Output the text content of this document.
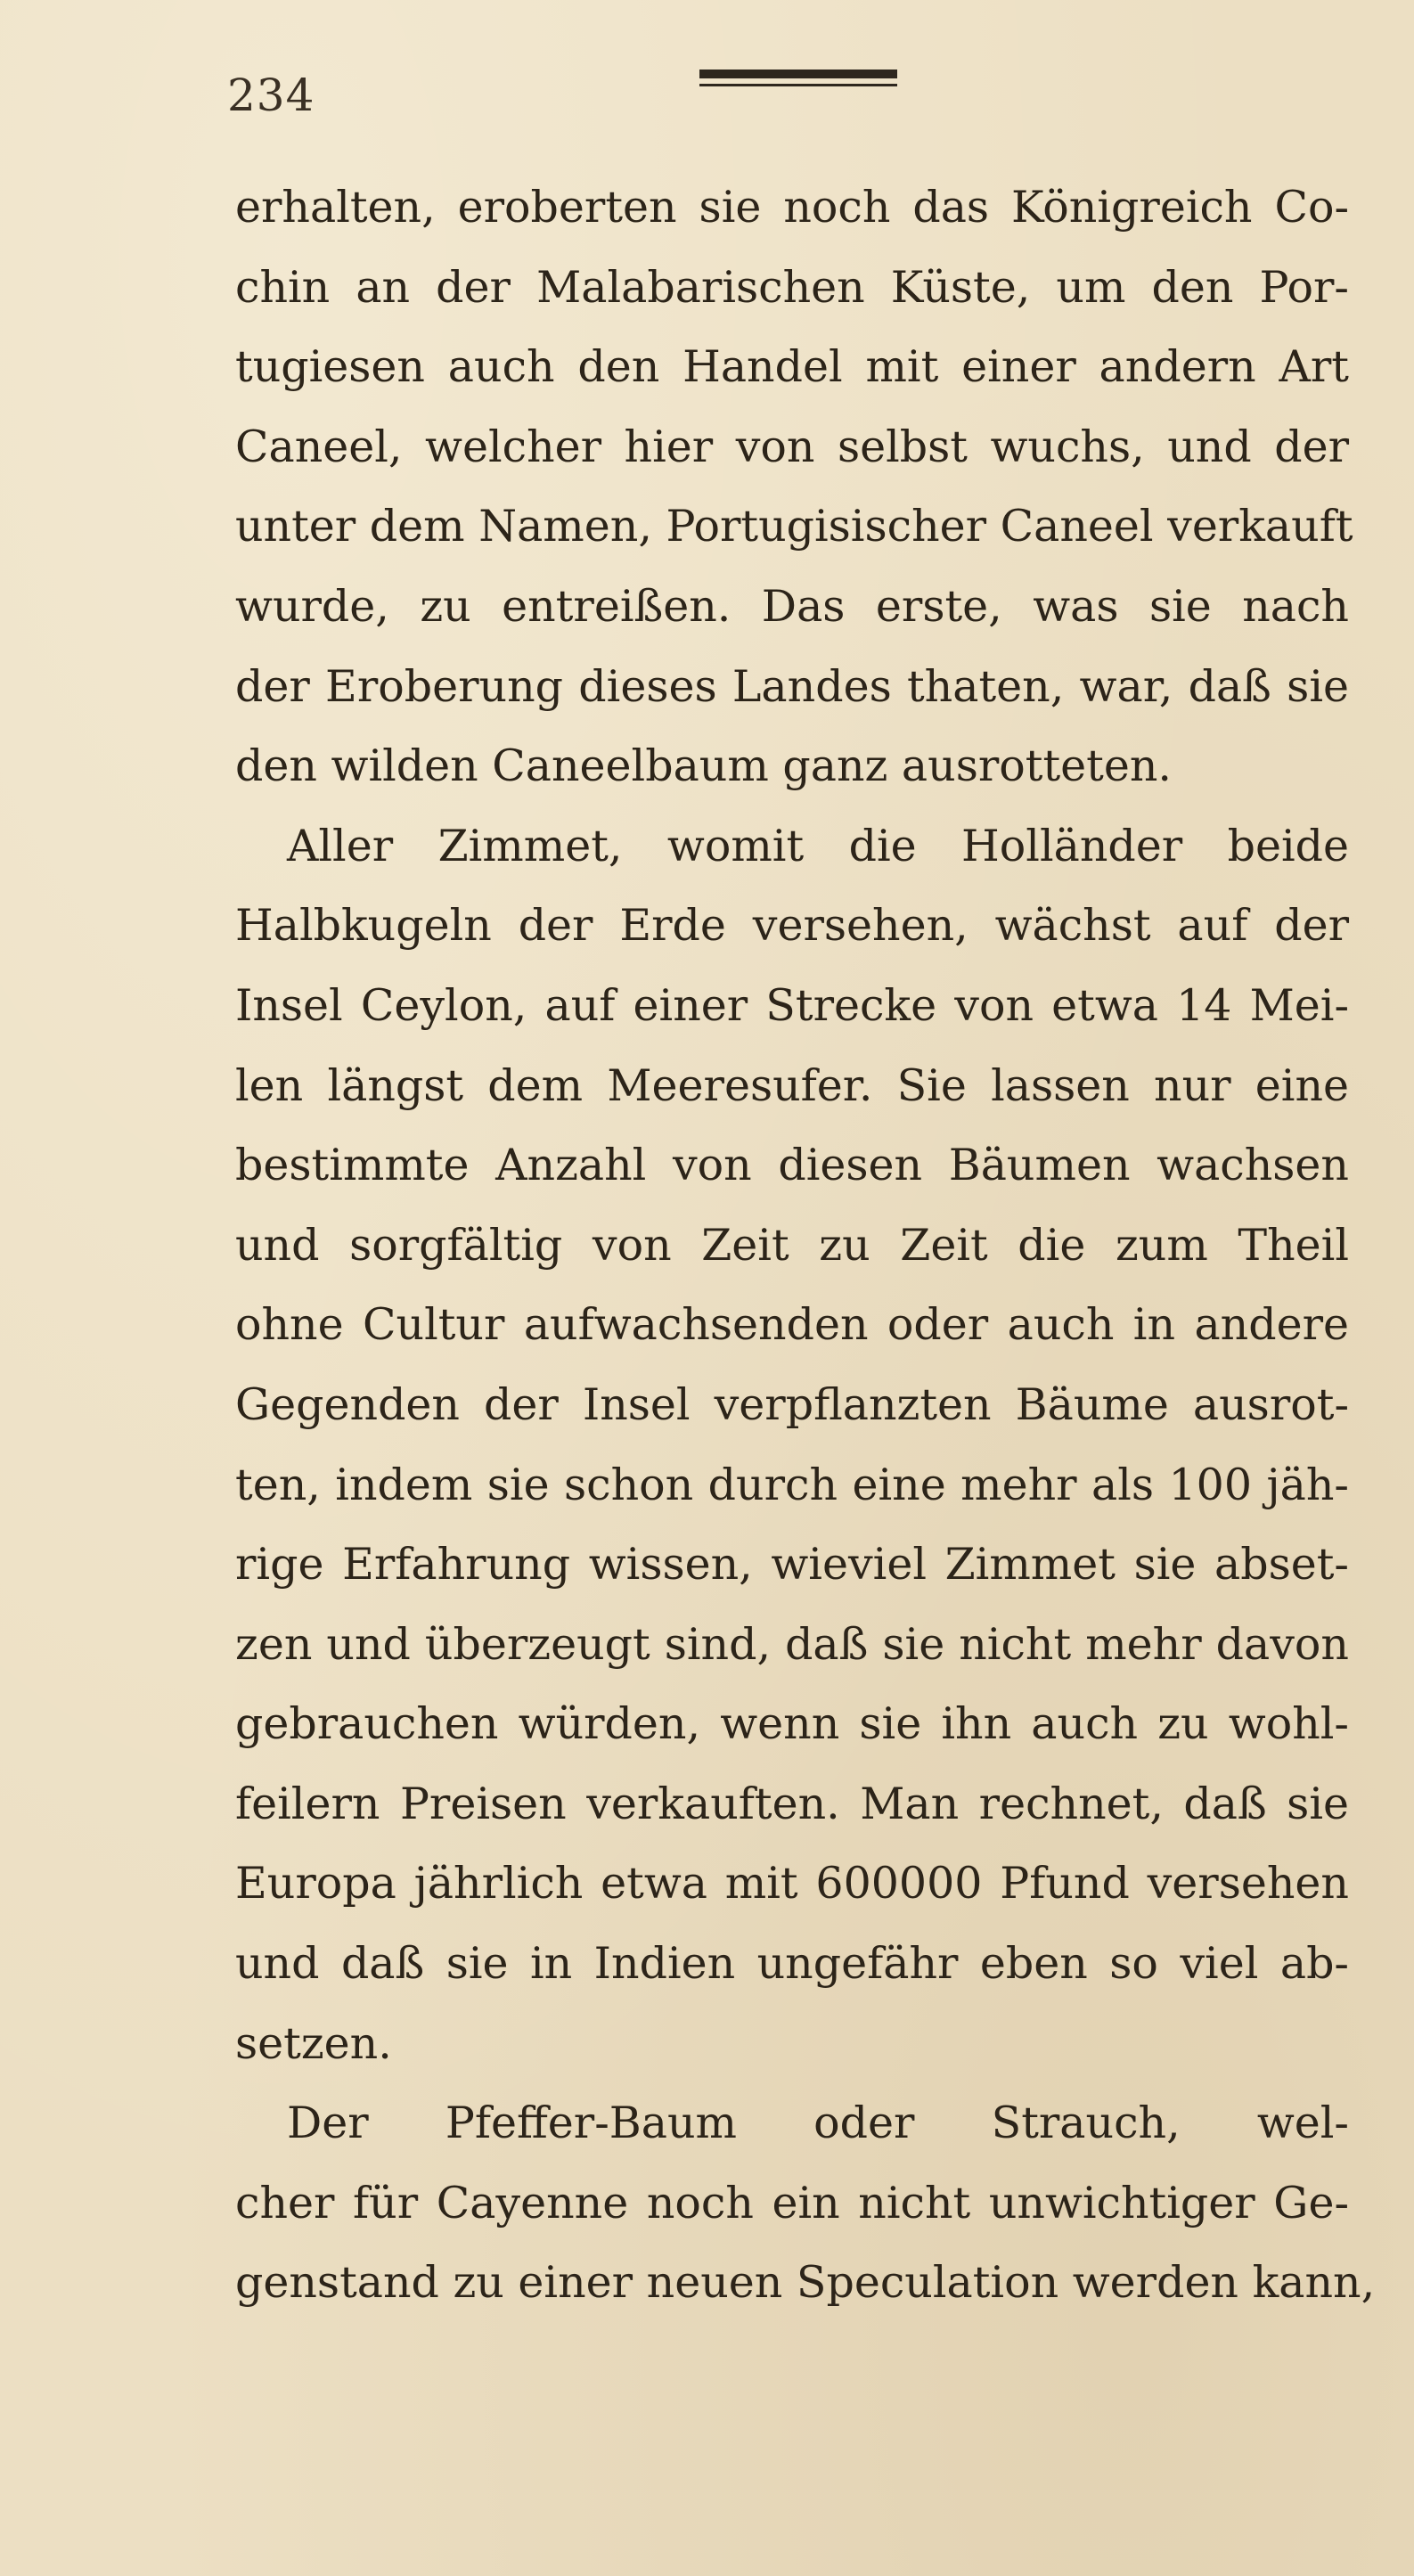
234
erhalten, eroberten sie noch das Königreich Co-
chin an der Malabarischen Küste, um den Por-
tugiesen auch den Handel mit einer andern Art
Caneel, welcher hier von selbst wuchs, und der
unter dem Namen, Portugisischer Caneel verkauft
wurde, zu entreißen. Das erste, was sie nach
der Eroberung dieses Landes thaten, war, daß sie
den wilden Caneelbaum ganz ausrotteten.
Aller Zimmet, womit die Holländer beide
Halbkugeln der Erde versehen, wächst auf der
Insel Ceylon, auf einer Strecke von etwa 14 Mei-
len längst dem Meeresufer. Sie lassen nur eine
bestimmte Anzahl von diesen Bäumen wachsen
und sorgfältig von Zeit zu Zeit die zum Theil
ohne Cultur aufwachsenden oder auch in andere
Gegenden der Insel verpflanzten Bäume ausrot-
ten, indem sie schon durch eine mehr als 100 jäh-
rige Erfahrung wissen, wieviel Zimmet sie abset-
zen und überzeugt sind, daß sie nicht mehr davon
gebrauchen würden, wenn sie ihn auch zu wohl-
feilern Preisen verkauften. Man rechnet, daß sie
Europa jährlich etwa mit 600000 Pfund versehen
und daß sie in Indien ungefähr eben so viel ab-
setzen.
Der Pfeffer-Baum oder Strauch, wel-
cher für Cayenne noch ein nicht unwichtiger Ge-
genstand zu einer neuen Speculation werden kann,
